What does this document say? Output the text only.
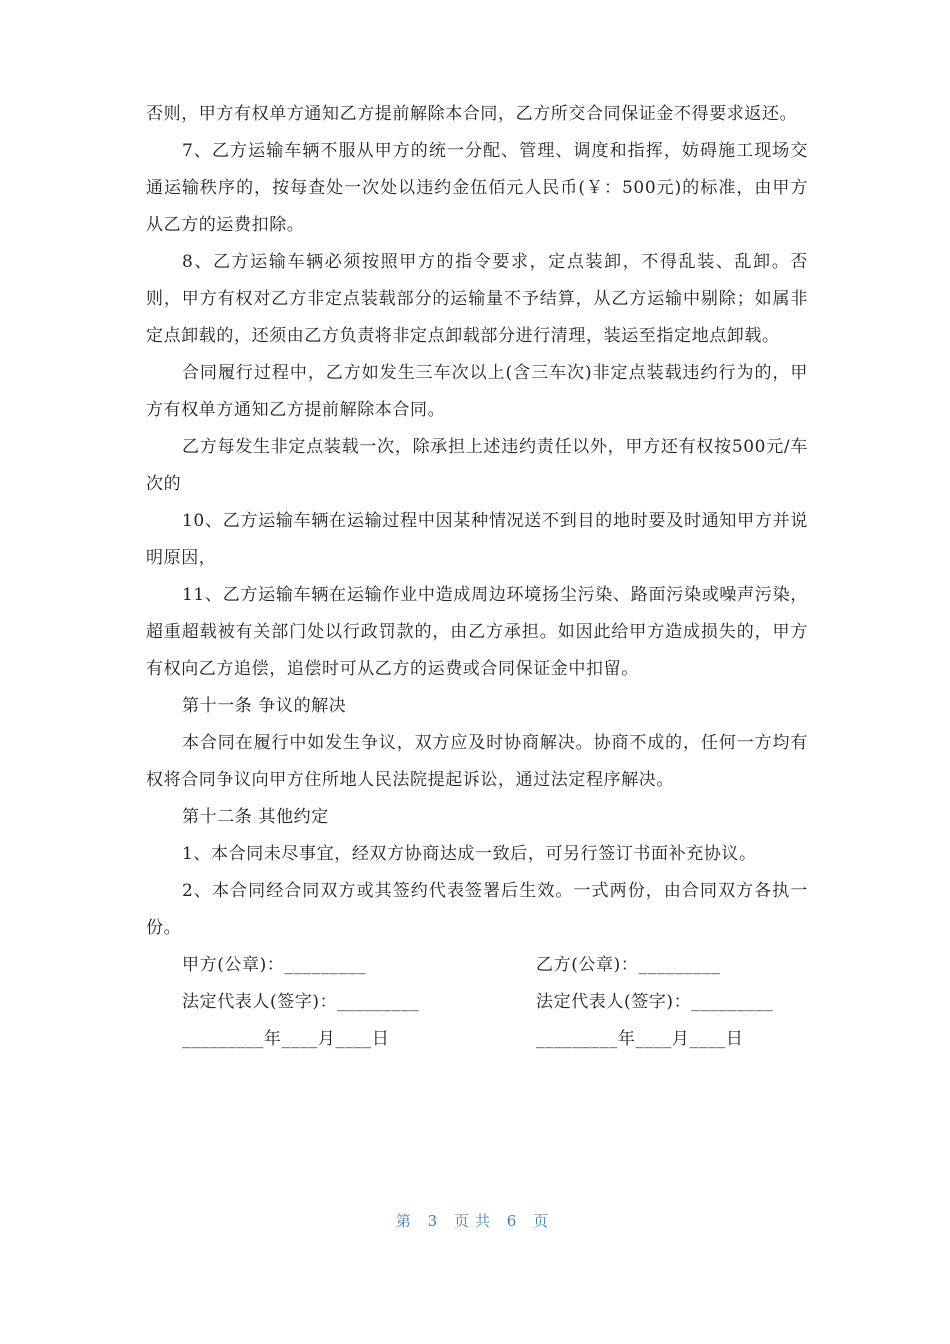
否则，甲方有权单方通知乙方提前解除本合同，乙方所交合同保证金不得要求返还。

7、乙方运输车辆不服从甲方的统一分配、管理、调度和指挥，妨碍施工现场交通运输秩序的，按每查处一次处以违约金伍佰元人民币(￥：500元)的标准，由甲方从乙方的运费扣除。

8、乙方运输车辆必须按照甲方的指令要求，定点装卸，不得乱装、乱卸。否则，甲方有权对乙方非定点装载部分的运输量不予结算，从乙方运输中剔除；如属非定点卸载的，还须由乙方负责将非定点卸载部分进行清理，装运至指定地点卸载。

合同履行过程中，乙方如发生三车次以上(含三车次)非定点装载违约行为的，甲方有权单方通知乙方提前解除本合同。

乙方每发生非定点装载一次，除承担上述违约责任以外，甲方还有权按500元/车次的

10、乙方运输车辆在运输过程中因某种情况送不到目的地时要及时通知甲方并说明原因，

11、乙方运输车辆在运输作业中造成周边环境扬尘污染、路面污染或噪声污染，超重超载被有关部门处以行政罚款的，由乙方承担。如因此给甲方造成损失的，甲方有权向乙方追偿，追偿时可从乙方的运费或合同保证金中扣留。

第十一条 争议的解决

本合同在履行中如发生争议，双方应及时协商解决。协商不成的，任何一方均有权将合同争议向甲方住所地人民法院提起诉讼，通过法定程序解决。

第十二条 其他约定

1、本合同未尽事宜，经双方协商达成一致后，可另行签订书面补充协议。

2、本合同经合同双方或其签约代表签署后生效。一式两份，由合同双方各执一份。

甲方(公章)：_________	乙方(公章)：_________
法定代表人(签字)：_________	法定代表人(签字)：_________
_________年____月____日	_________年____月____日
第 3 页共 6 页
